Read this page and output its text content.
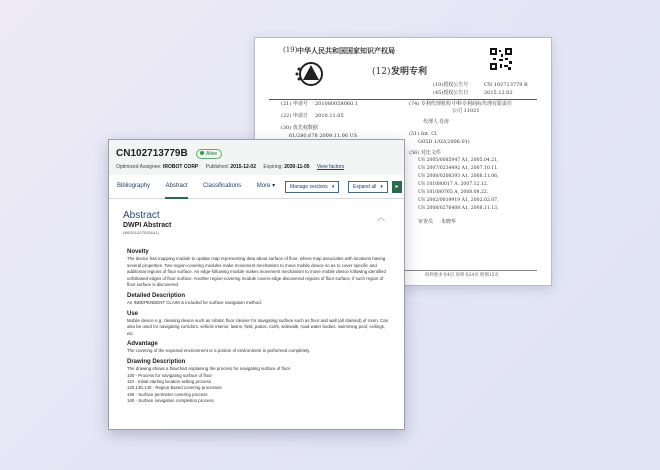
(19) 中华人民共和国国家知识产权局
(12) 发明专利
(10)授权公告号	CN 102713779 B
(45)授权公告日	2015.12.02
(21) 申请号 201080058060.1
(22) 申请日 2010.11.05
(30) 优先权数据
61/280,678 2009.11.06 US
(74) 专利代理机构 中科专利商标代理有限责任
公司 11021
代理人 肖涛
(51) Int. Cl.
G05D 1/02(2006.01)
(56) 对比文件
US 2005/0085947 A1, 2005.04.21,
US 2007/0234492 A1, 2007.10.11.
US 2008/0208393 A1, 2008.11.06,
US 101080017 A, 2007.12.12,
US 101080765 A, 2008.08.22,
US 2002/0019919 A1, 2002.02.07,
US 2008/0276408 A1, 2008.11.13,
审查员 朱晓华
权利要求书4页 说明书24页 附图15页
CN102713779B	Alive
Optimized Assignee: IROBOT CORP Published: 2015-12-02 Expiring: 2030-11-05 View factors
Bibliography	Abstract	Classifications	More ▾	Manage sections ▾	Expand all ▾	▸
Abstract	︿
DWPI Abstract
(W02012075154A1)
Novelty
The device has mapping module to update map representing data about surface of floor, where map associates with locations having several properties. Two region-covering modules make movement mechanism to move mobile device so as to cover specific and additional regions of floor surface. An edge-following module makes movement mechanism to move mobile device following identified unfollowed edges of floor surface. Another region-covering module covers edge-discovered regions of floor surface, if such region of floor surface is discovered.
Detailed Description
An INDEPENDENT CLAIM is included for surface navigation method.
Use
Mobile device e.g. cleaning device such as robotic floor cleaner for navigating surface such as floor and wall (all claimed) of room. Can also be used for navigating corridors, vehicle interior, lawns, field, patios, roofs, sidewalk, road water bodies, swimming pool, ceilings, etc.
Advantage
The covering of the exposed environment or a portion of environment is performed completely.
Drawing Description
The drawing shows a flowchart explaining the process for navigating surface of floor.
100 - Process for navigating surface of floor
110 - Initial starting location setting process.
120,130,140 - Region-based covering processes
150 - Surface perimeter covering process
160 - Surface navigation completion process
